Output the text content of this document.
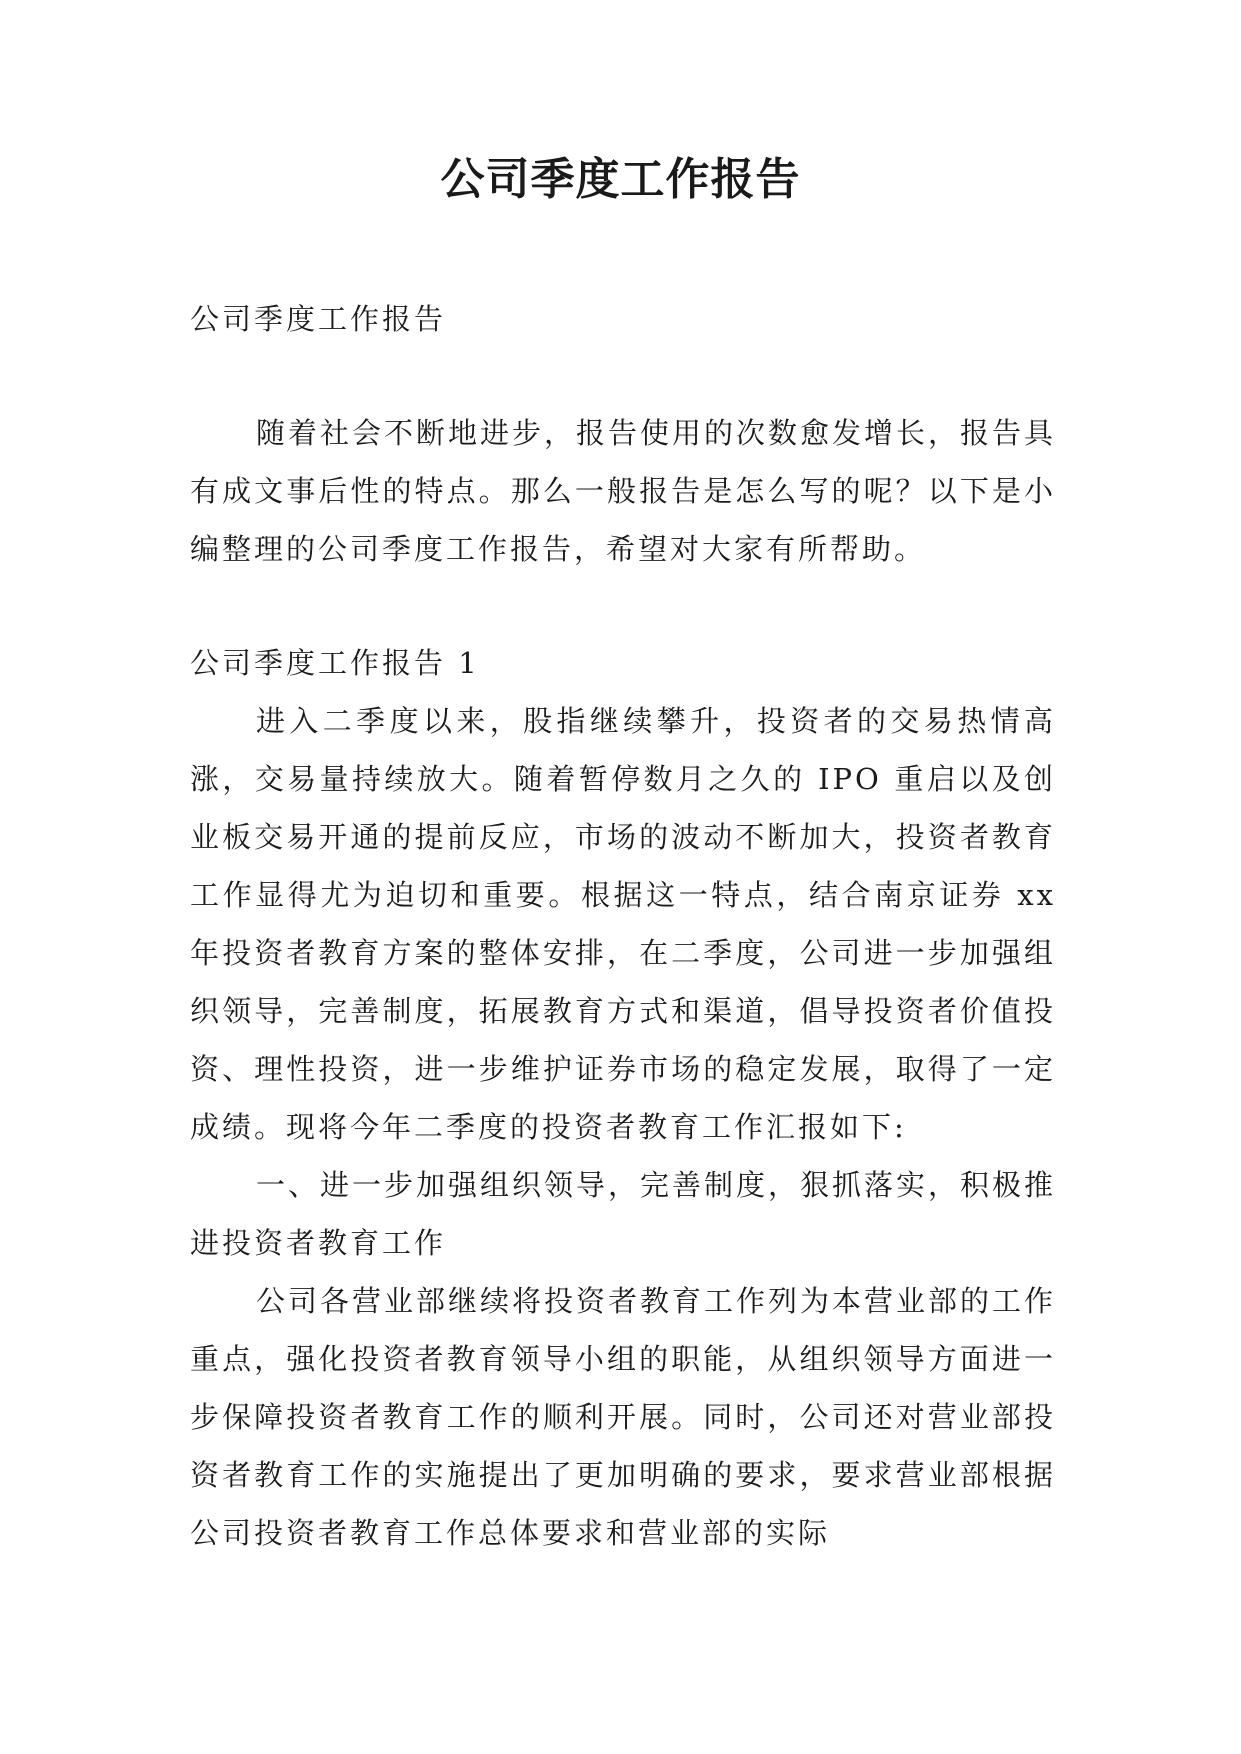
公司季度工作报告

公司季度工作报告

随着社会不断地进步，报告使用的次数愈发增长，报告具有成文事后性的特点。那么一般报告是怎么写的呢？以下是小编整理的公司季度工作报告，希望对大家有所帮助。

公司季度工作报告 1

进入二季度以来，股指继续攀升，投资者的交易热情高涨，交易量持续放大。随着暂停数月之久的 IPO 重启以及创业板交易开通的提前反应，市场的波动不断加大，投资者教育工作显得尤为迫切和重要。根据这一特点，结合南京证券 xx 年投资者教育方案的整体安排，在二季度，公司进一步加强组织领导，完善制度，拓展教育方式和渠道，倡导投资者价值投资、理性投资，进一步维护证券市场的稳定发展，取得了一定成绩。现将今年二季度的投资者教育工作汇报如下:

一、进一步加强组织领导，完善制度，狠抓落实，积极推进投资者教育工作

公司各营业部继续将投资者教育工作列为本营业部的工作重点，强化投资者教育领导小组的职能，从组织领导方面进一步保障投资者教育工作的顺利开展。同时，公司还对营业部投资者教育工作的实施提出了更加明确的要求，要求营业部根据公司投资者教育工作总体要求和营业部的实际
